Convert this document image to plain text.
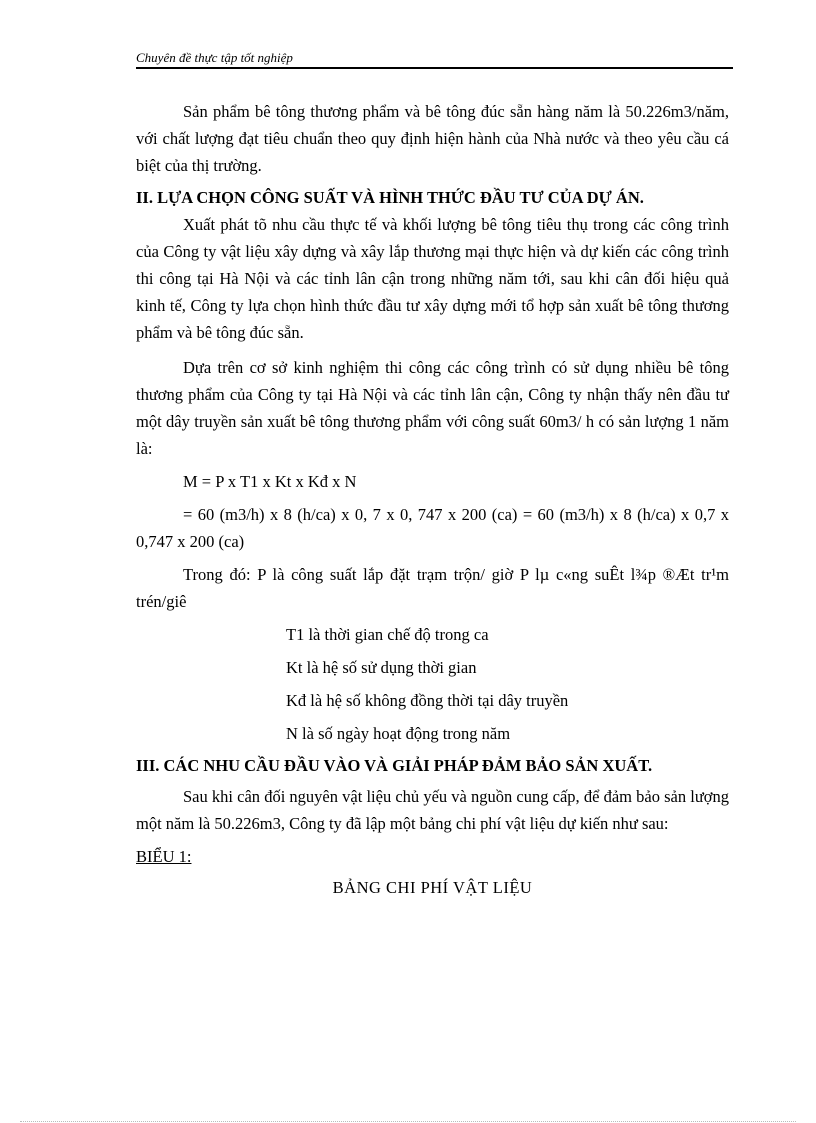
Chuyên đề thực tập tốt nghiệp

Sản phẩm bê tông thương phẩm và bê tông đúc sẵn hàng năm là 50.226m3/năm, với chất lượng đạt tiêu chuẩn theo quy định hiện hành của Nhà nước và theo yêu cầu cá biệt của thị trường.

II. LỰA CHỌN CÔNG SUẤT VÀ HÌNH THỨC ĐẦU TƯ CỦA DỰ ÁN.

Xuất phát tõ nhu cầu thực tế và khối lượng bê tông tiêu thụ trong các công trình của Công ty vật liệu xây dựng và xây lắp thương mại thực hiện và dự kiến các công trình thi công tại Hà Nội và các tỉnh lân cận trong những năm tới, sau khi cân đối hiệu quả kinh tế, Công ty lựa chọn hình thức đầu tư xây dựng mới tổ hợp sản xuất bê tông thương phẩm và bê tông đúc sẵn.

Dựa trên cơ sở kinh nghiệm thi công các công trình có sử dụng nhiều bê tông thương phẩm của Công ty tại Hà Nội và các tỉnh lân cận, Công ty nhận thấy nên đầu tư một dây truyền sản xuất bê tông thương phẩm với công suất 60m3/ h có sản lượng 1 năm là:

M = P x T1 x Kt x Kđ x N

= 60 (m3/h) x 8 (h/ca) x 0, 7 x 0, 747 x 200 (ca) = 60 (m3/h) x 8 (h/ca) x 0,7 x 0,747 x 200 (ca)

Trong đó: P là công suất lắp đặt trạm trộn/ giờ P lµ c«ng suÊt l¾p ®Æt tr¹m trén/giê

T1 là thời gian chế độ trong ca

Kt là hệ số sử dụng thời gian

Kđ là hệ số không đồng thời tại dây truyền

N là số ngày hoạt động trong năm

III. CÁC NHU CẦU ĐẦU VÀO VÀ GIẢI PHÁP ĐẢM BẢO SẢN XUẤT.

Sau khi cân đối nguyên vật liệu chủ yếu và nguồn cung cấp, để đảm bảo sản lượng một năm là 50.226m3, Công ty đã lập một bảng chi phí vật liệu dự kiến như sau:

BIỂU 1:

BẢNG CHI PHÍ VẬT LIỆU
